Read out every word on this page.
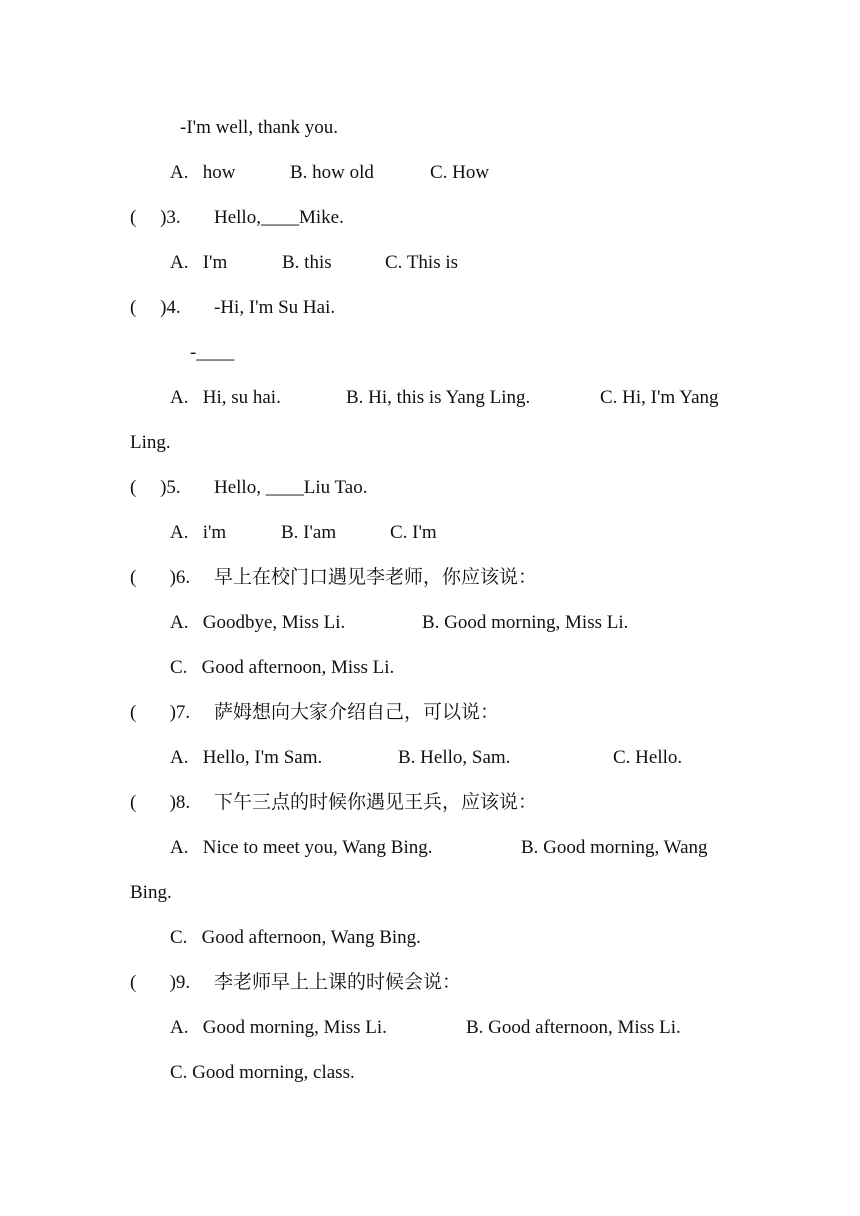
-I'm well, thank you.
A.   how	B. how old	C. How
(     )3. Hello,____Mike.
A.   I'm	B. this	C. This is
(     )4. -Hi, I'm Su Hai.
-____
A.   Hi, su hai.	B. Hi, this is Yang Ling.	C. Hi, I'm Yang
Ling.
(     )5. Hello, ____Liu Tao.
A.   i'm	B. I'am	C. I'm
(       )6. 早上在校门口遇见李老师，你应该说：
A.   Goodbye, Miss Li.	B. Good morning, Miss Li.
C.   Good afternoon, Miss Li.
(       )7. 萨姆想向大家介绍自己，可以说：
A.   Hello, I'm Sam.	B. Hello, Sam.	C. Hello.
(       )8. 下午三点的时候你遇见王兵，应该说：
A.   Nice to meet you, Wang Bing.	B. Good morning, Wang
Bing.
C.   Good afternoon, Wang Bing.
(       )9. 李老师早上上课的时候会说：
A.   Good morning, Miss Li.	B. Good afternoon, Miss Li.
C. Good morning, class.
